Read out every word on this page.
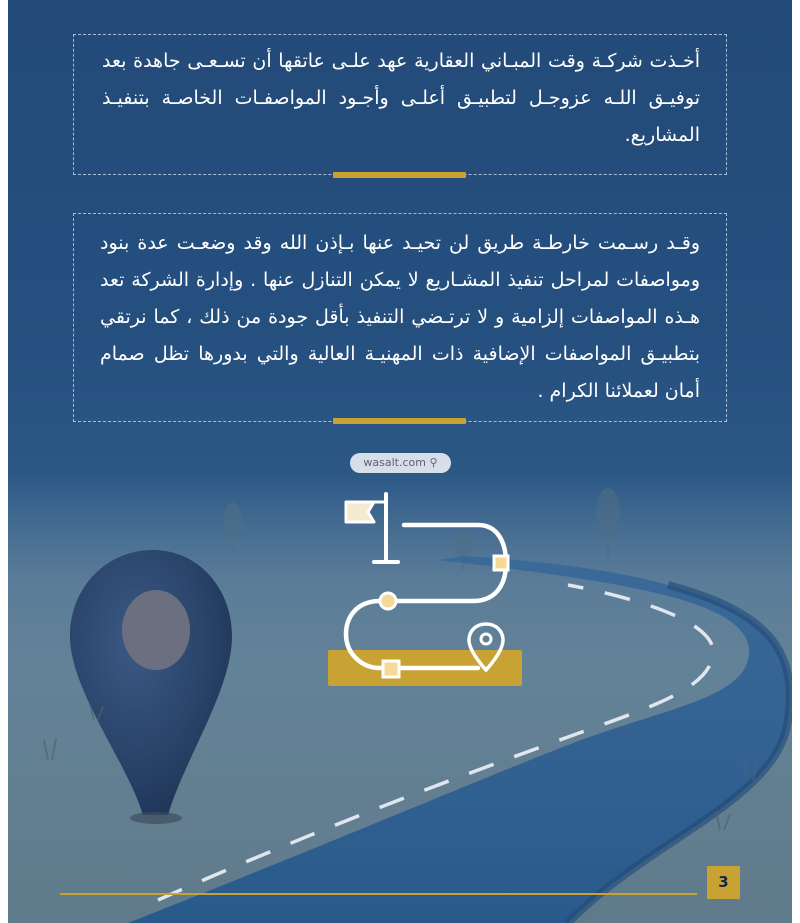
أخـذت شركـة وقت المبـاني العقارية عهد علـى عاتقها أن تسـعـى جاهدة بعد توفيـق اللـه عزوجـل لتطبيـق أعلـى وأجـود المواصفـات الخاصـة بتنفيـذ المشاريع.
وقـد رسـمت خارطـة طريق لن تحيـد عنها بـإذن الله وقد وضعـت عدة بنود ومواصفات لمراحل تنفيذ المشـاريع لا يمكن التنازل عنها . وإدارة الشركة تعد هـذه المواصفات إلزامية و لا ترتـضي التنفيذ بأقل جودة من ذلك ، كما نرتقي بتطبيـق المواصفات الإضافية ذات المهنيـة العالية والتي بدورها تظل صمام أمان لعملائنا الكرام .
wasalt.com ⚲
3
